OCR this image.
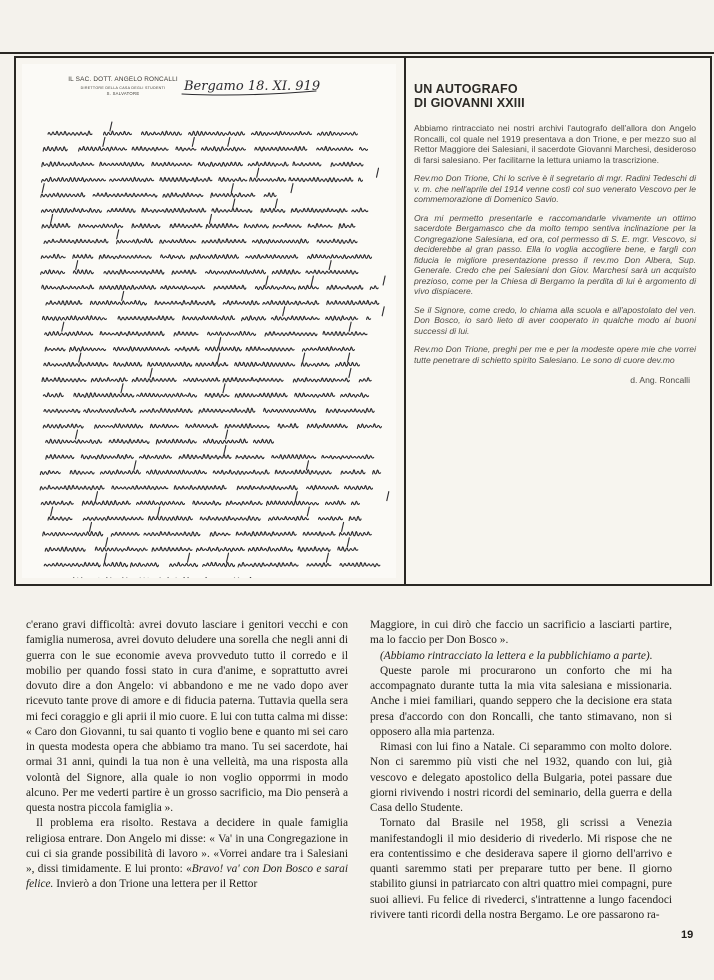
IL SAC. DOTT. ANGELO RONCALLI
DIRETTORE DELLA CASA DEGLI STUDENTI
S. SALVATORE	Bergamo 18. XI. 919	UN AUTOGRAFO
DI GIOVANNI XXIII
Abbiamo rintracciato nei nostri archivi l'autografo dell'allora don Angelo Roncalli, col quale nel 1919 presentava a don Trione, e per mezzo suo al Rettor Maggiore dei Salesiani, il sacerdote Giovanni Marchesi, desideroso di farsi salesiano. Per facilitarne la lettura uniamo la trascrizione.

Rev.mo Don Trione, Chi lo scrive è il segretario di mgr. Radini Tedeschi di v. m. che nell'aprile del 1914 venne costì col suo venerato Vescovo per le commemorazione di Domenico Savio.

Ora mi permetto presentarle e raccomandarle vivamente un ottimo sacerdote Bergamasco che da molto tempo sentiva inclinazione per la Congregazione Salesiana, ed ora, col permesso di S. E. mgr. Vescovo, si deciderebbe al gran passo. Ella lo voglia accogliere bene, e farglì con fiducia le migliore presentazione presso il rev.mo Don Albera, Sup. Generale. Credo che pei Salesiani don Giov. Marchesi sarà un acquisto prezioso, come per la Chiesa di Bergamo la perdita di lui è argomento di vivo dispiacere.

Se il Signore, come credo, lo chiama alla scuola e all'apostolato del ven. Don Bosco, io sarò lieto di aver cooperato in qualche modo ai buoni successi di lui.

Rev.mo Don Trione, preghi per me e per la modeste opere mie che vorrei tutte penetrare di schietto spirito Salesiano. Le sono di cuore dev.mo

d. Ang. Roncalli

c'erano gravi difficoltà: avrei dovuto lasciare i genitori vecchi e con famiglia numerosa, avrei dovuto deludere una sorella che negli anni di guerra con le sue economie aveva provveduto tutto il corredo e il mobilio per quando fossi stato in cura d'anime, e soprattutto avrei dovuto dire a don Angelo: vi abbandono e me ne vado dopo aver ricevuto tante prove di amore e di fiducia paterna. Tuttavia quella sera mi feci coraggio e gli aprii il mio cuore. E lui con tutta calma mi disse: « Caro don Giovanni, tu sai quanto ti voglio bene e quanto mi sei caro in questa modesta opera che abbiamo tra mano. Tu sei sacerdote, hai ormai 31 anni, quindi la tua non è una velleità, ma una risposta alla volontà del Signore, alla quale io non voglio opporrmi in modo alcuno. Per me vederti partire è un grosso sacrificio, ma Dio penserà a questa nostra piccola famiglia ».

Il problema era risolto. Restava a decidere in quale famiglia religiosa entrare. Don Angelo mi disse: « Va' in una Congregazione in cui ci sia grande possibilità di lavoro ». «Vorrei andare tra i Salesiani », dissi timidamente. E lui pronto: «Bravo! va' con Don Bosco e sarai felice. Invierò a don Trione una lettera per il Rettor

Maggiore, in cui dirò che faccio un sacrificio a lasciarti partire, ma lo faccio per Don Bosco ».

(Abbiamo rintracciato la lettera e la pubblichiamo a parte).

Queste parole mi procurarono un conforto che mi ha accompagnato durante tutta la mia vita salesiana e missionaria. Anche i miei familiari, quando seppero che la decisione era stata presa d'accordo con don Roncalli, che tanto stimavano, non si opposero alla mia partenza.

Rimasi con lui fino a Natale. Ci separammo con molto dolore. Non ci saremmo più visti che nel 1932, quando con lui, già vescovo e delegato apostolico della Bulgaria, potei passare due giorni rivivendo i nostri ricordi del seminario, della guerra e della Casa dello Studente.

Tornato dal Brasile nel 1958, gli scrissi a Venezia manifestandogli il mio desiderio di rivederlo. Mi rispose che ne era contentissimo e che desiderava sapere il giorno dell'arrivo e quanti saremmo stati per preparare tutto per bene. Il giorno stabilito giunsi in patriarcato con altri quattro miei compagni, pure suoi allievi. Fu felice di rivederci, s'intrattenne a lungo facendoci rivivere tanti ricordi della nostra Bergamo. Le ore passarono ra-

19
